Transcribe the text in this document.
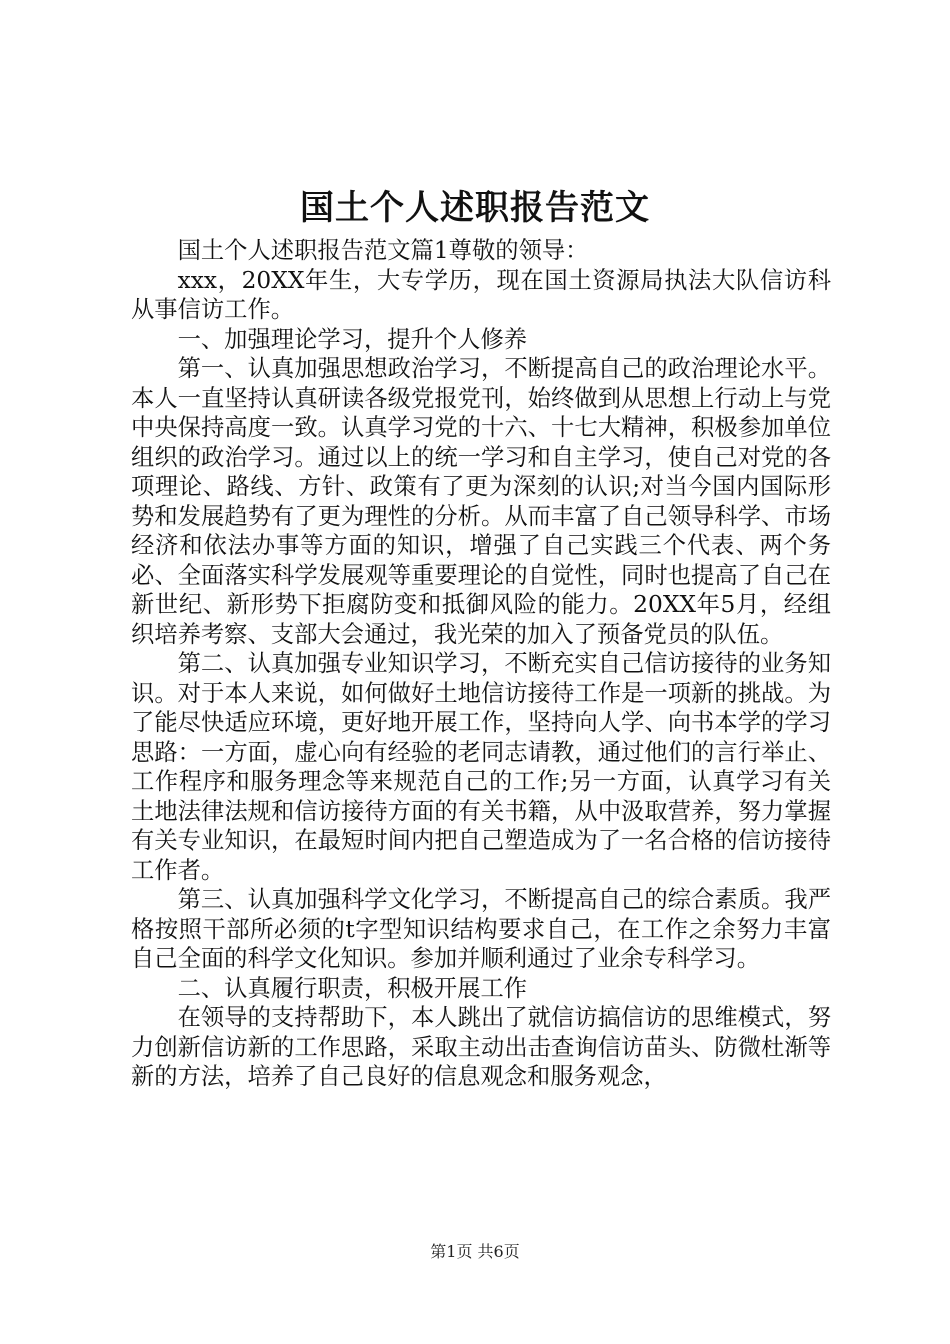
国土个人述职报告范文

国土个人述职报告范文篇1尊敬的领导：

xxx，20XX年生，大专学历，现在国土资源局执法大队信访科从事信访工作。

一、加强理论学习，提升个人修养

第一、认真加强思想政治学习，不断提高自己的政治理论水平。本人一直坚持认真研读各级党报党刊，始终做到从思想上行动上与党中央保持高度一致。认真学习党的十六、十七大精神，积极参加单位组织的政治学习。通过以上的统一学习和自主学习，使自己对党的各项理论、路线、方针、政策有了更为深刻的认识;对当今国内国际形势和发展趋势有了更为理性的分析。从而丰富了自己领导科学、市场经济和依法办事等方面的知识，增强了自己实践三个代表、两个务必、全面落实科学发展观等重要理论的自觉性，同时也提高了自己在新世纪、新形势下拒腐防变和抵御风险的能力。20XX年5月，经组织培养考察、支部大会通过，我光荣的加入了预备党员的队伍。

第二、认真加强专业知识学习，不断充实自己信访接待的业务知识。对于本人来说，如何做好土地信访接待工作是一项新的挑战。为了能尽快适应环境，更好地开展工作，坚持向人学、向书本学的学习思路：一方面，虚心向有经验的老同志请教，通过他们的言行举止、工作程序和服务理念等来规范自己的工作;另一方面，认真学习有关土地法律法规和信访接待方面的有关书籍，从中汲取营养，努力掌握有关专业知识，在最短时间内把自己塑造成为了一名合格的信访接待工作者。

第三、认真加强科学文化学习，不断提高自己的综合素质。我严格按照干部所必须的t字型知识结构要求自己，在工作之余努力丰富自己全面的科学文化知识。参加并顺利通过了业余专科学习。

二、认真履行职责，积极开展工作

在领导的支持帮助下，本人跳出了就信访搞信访的思维模式，努力创新信访新的工作思路，采取主动出击查询信访苗头、防微杜渐等新的方法，培养了自己良好的信息观念和服务观念，

第1页 共6页
